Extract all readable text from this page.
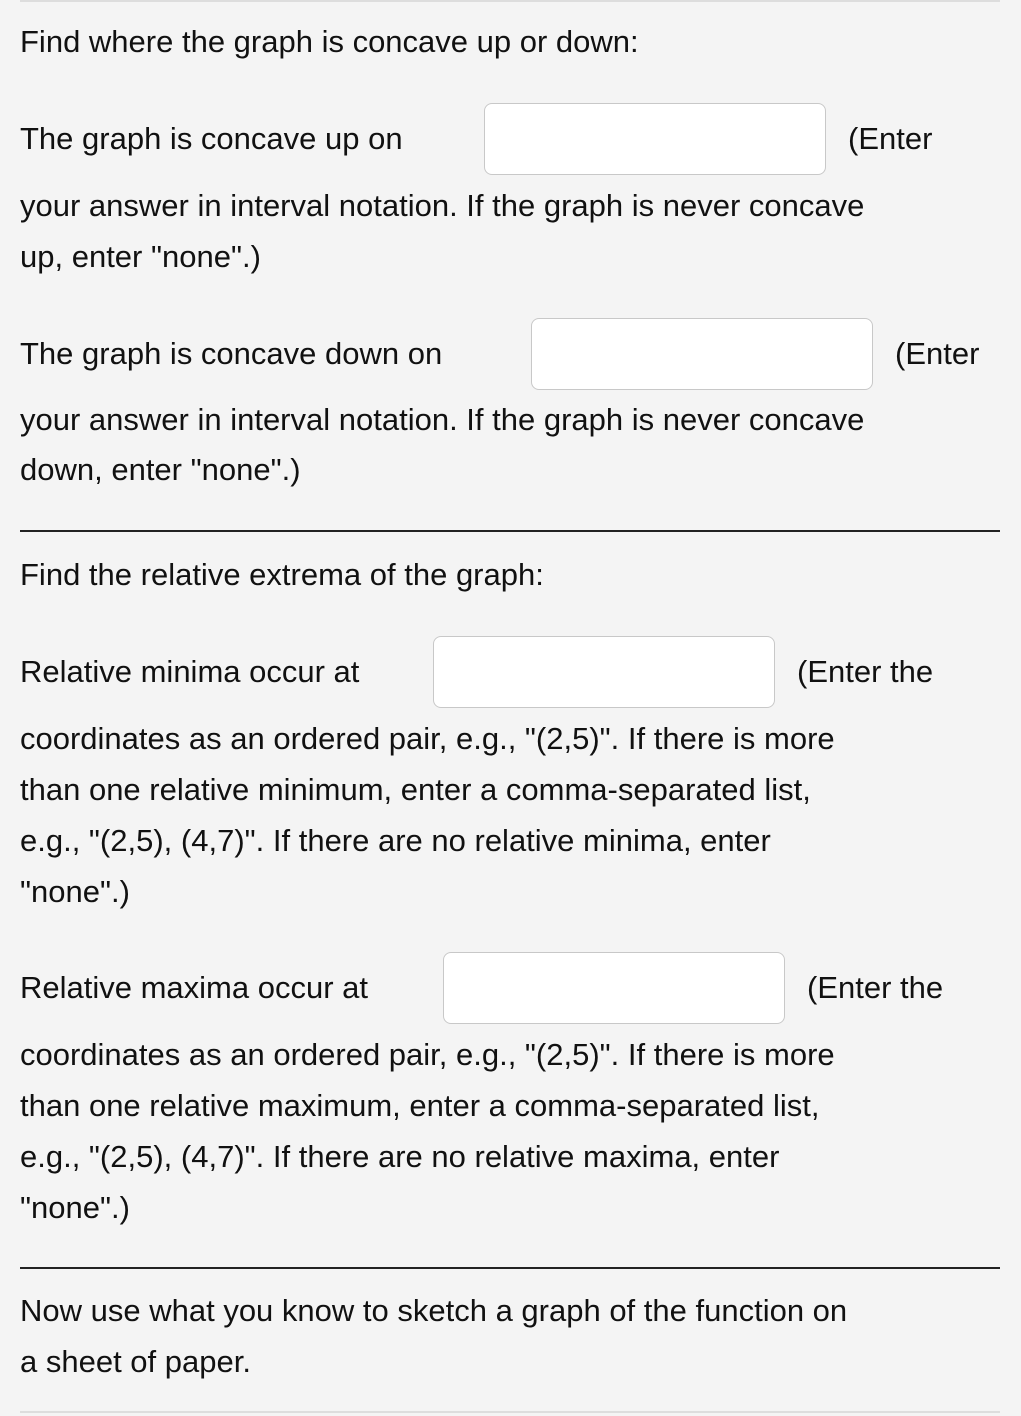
Find where the graph is concave up or down:
The graph is concave up on	(Enter
your answer in interval notation. If the graph is never concave
up, enter "none".)
The graph is concave down on	(Enter
your answer in interval notation. If the graph is never concave
down, enter "none".)
Find the relative extrema of the graph:
Relative minima occur at	(Enter the
coordinates as an ordered pair, e.g., "(2,5)". If there is more
than one relative minimum, enter a comma-separated list,
e.g., "(2,5), (4,7)". If there are no relative minima, enter
"none".)
Relative maxima occur at	(Enter the
coordinates as an ordered pair, e.g., "(2,5)". If there is more
than one relative maximum, enter a comma-separated list,
e.g., "(2,5), (4,7)". If there are no relative maxima, enter
"none".)
Now use what you know to sketch a graph of the function on
a sheet of paper.
